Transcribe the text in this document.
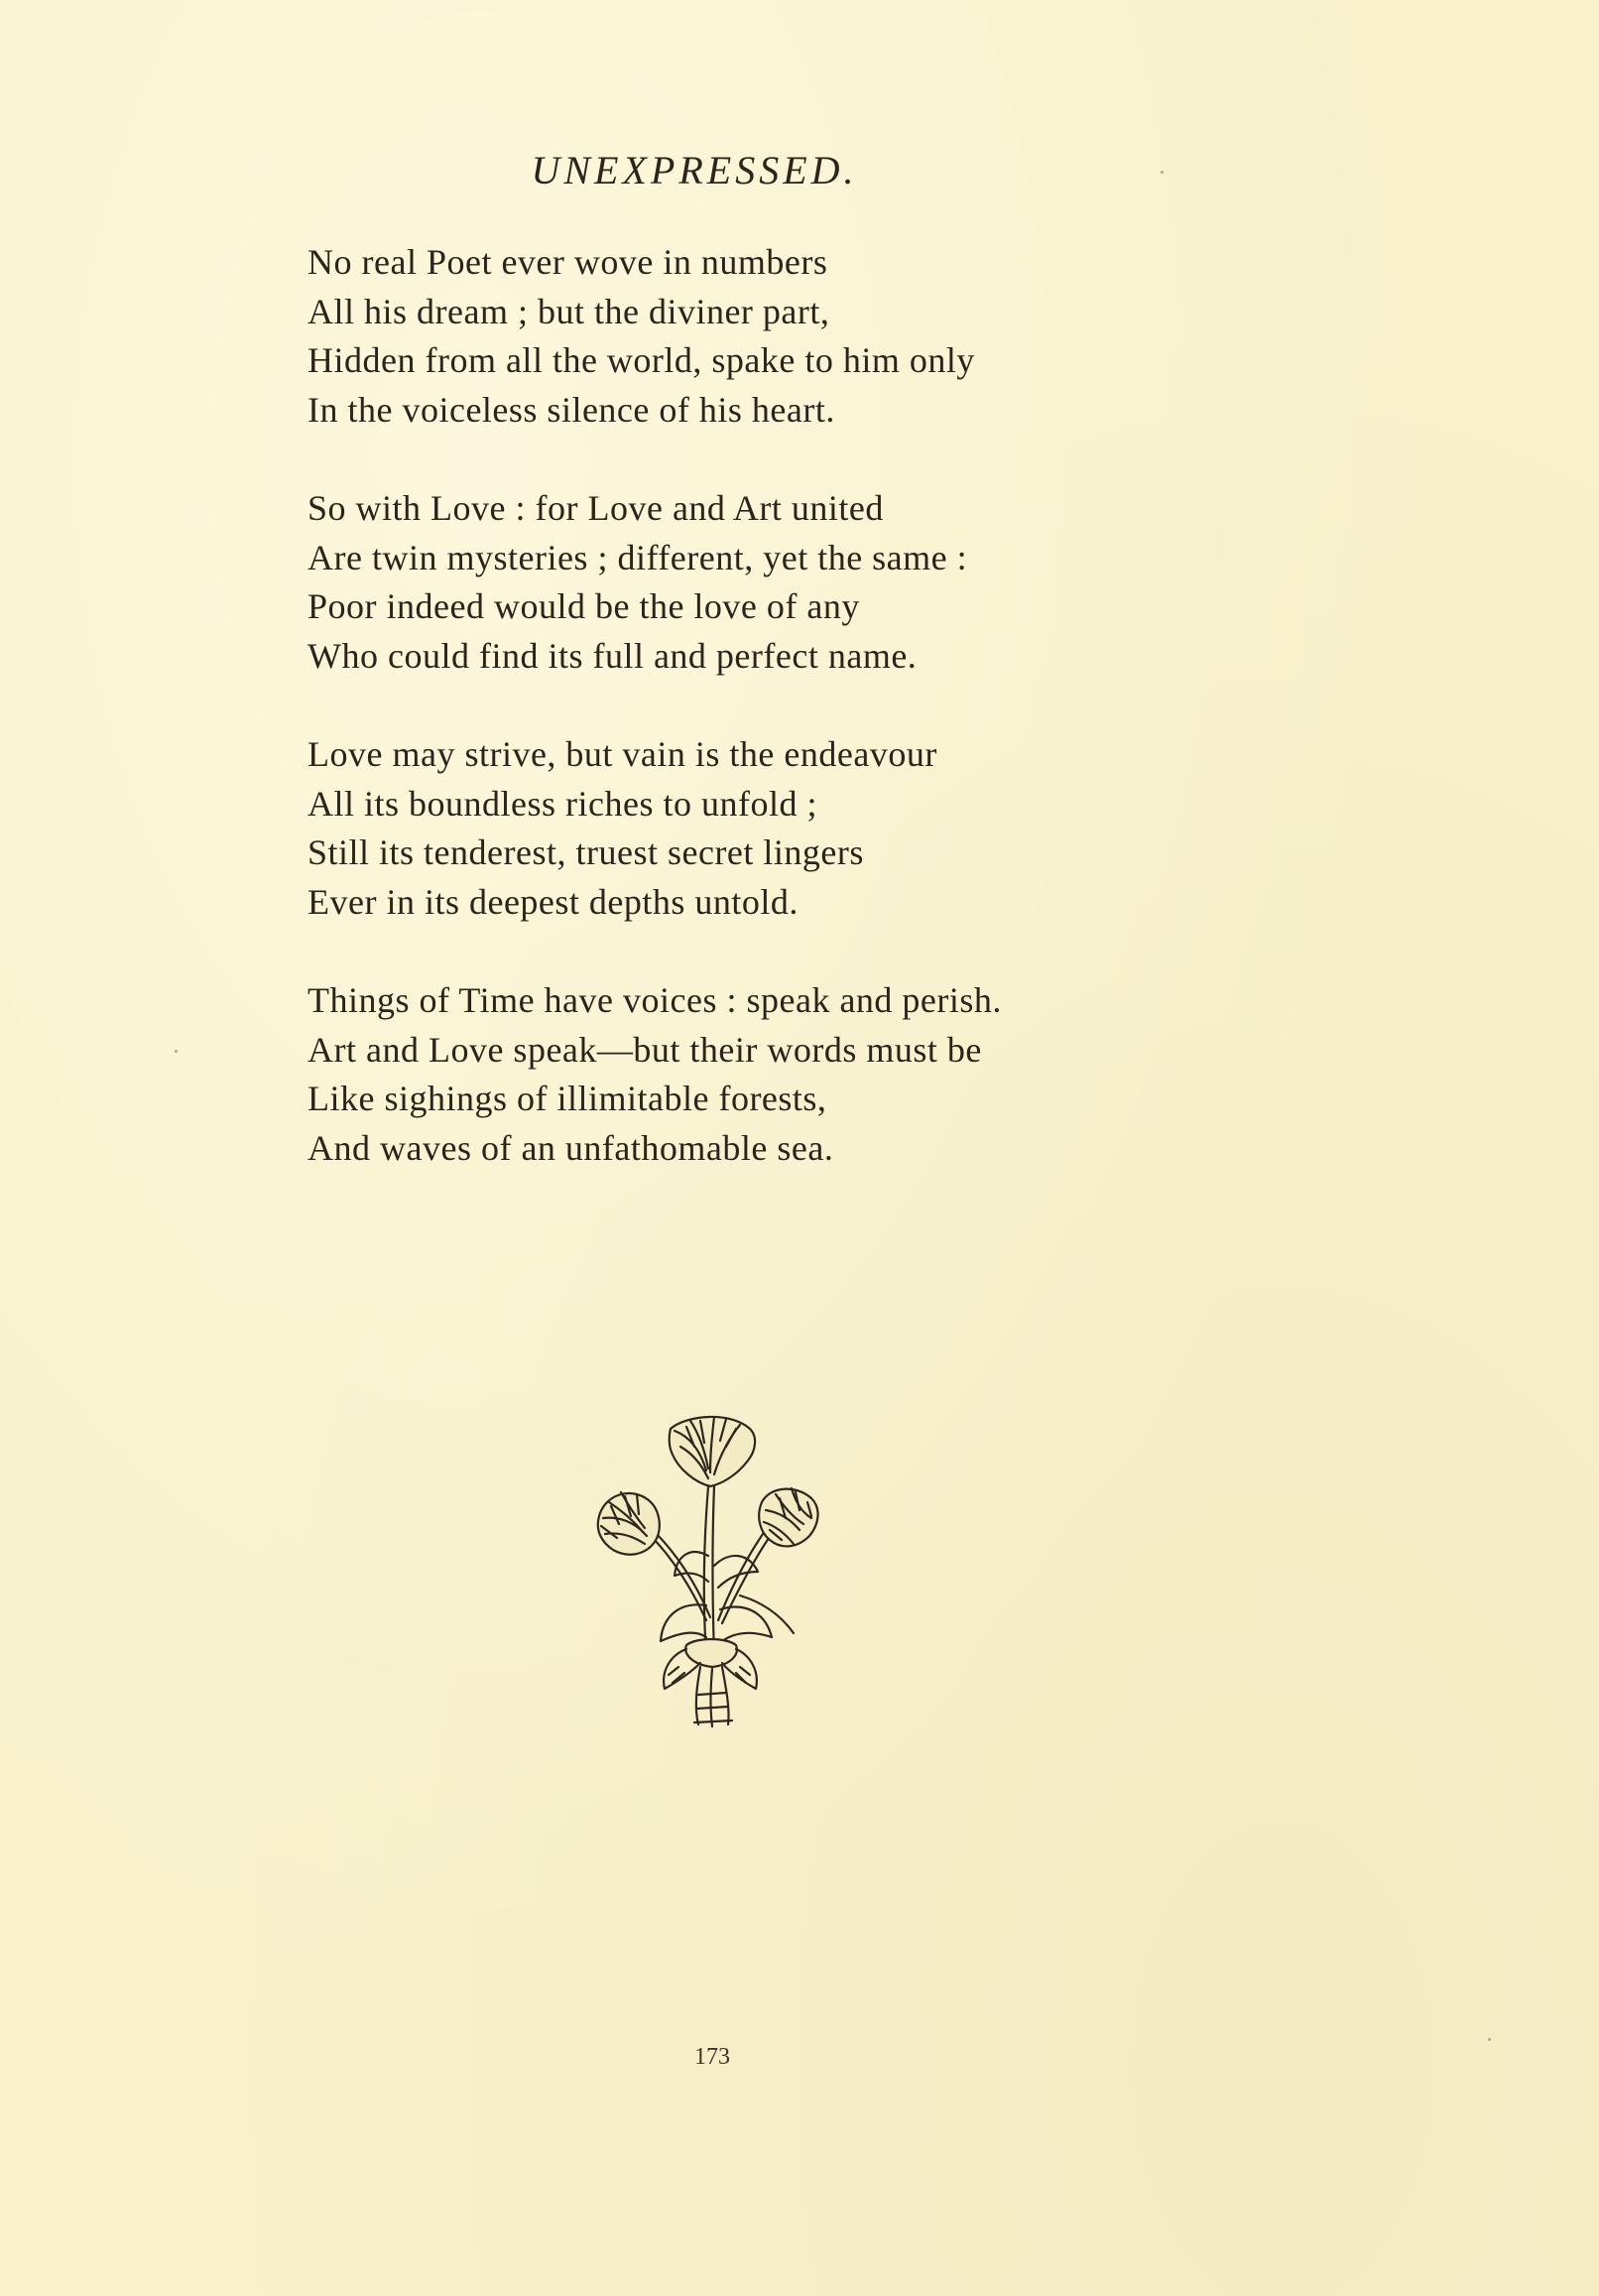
UNEXPRESSED.
No real Poet ever wove in numbers
All his dream ; but the diviner part,
Hidden from all the world, spake to him only
In the voiceless silence of his heart.
So with Love : for Love and Art united
Are twin mysteries ; different, yet the same :
Poor indeed would be the love of any
Who could find its full and perfect name.
Love may strive, but vain is the endeavour
All its boundless riches to unfold ;
Still its tenderest, truest secret lingers
Ever in its deepest depths untold.
Things of Time have voices : speak and perish.
Art and Love speak—but their words must be
Like sighings of illimitable forests,
And waves of an unfathomable sea.
173
